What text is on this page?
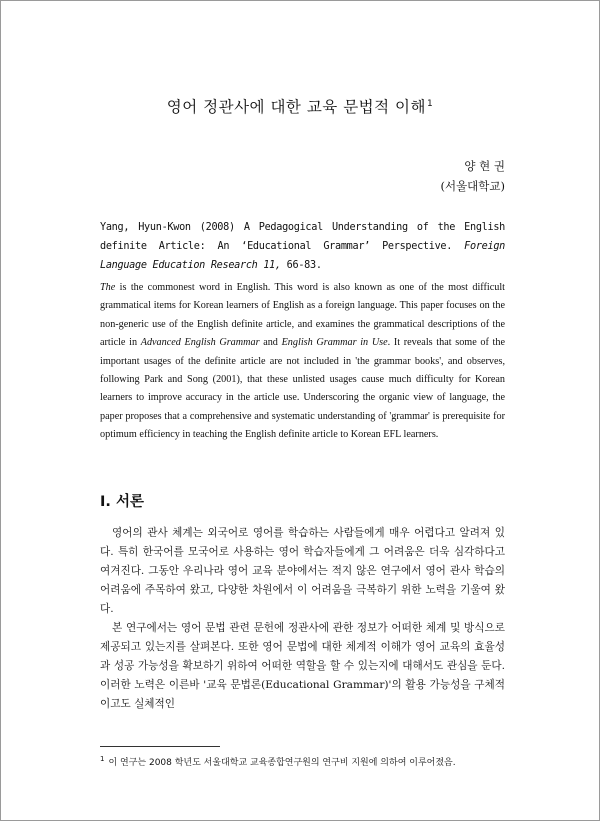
영어 정관사에 대한 교육 문법적 이해$^1$
양 현 권
(서울대학교)
Yang, Hyun-Kwon (2008) A Pedagogical Understanding of the English definite Article: An ‘Educational Grammar’ Perspective. Foreign Language Education Research 11, 66-83.
The is the commonest word in English. This word is also known as one of the most difficult grammatical items for Korean learners of English as a foreign language. This paper focuses on the non-generic use of the English definite article, and examines the grammatical descriptions of the article in Advanced English Grammar and English Grammar in Use. It reveals that some of the important usages of the definite article are not included in 'the grammar books', and observes, following Park and Song (2001), that these unlisted usages cause much difficulty for Korean learners to improve accuracy in the article use. Underscoring the organic view of language, the paper proposes that a comprehensive and systematic understanding of 'grammar' is prerequisite for optimum efficiency in teaching the English definite article to Korean EFL learners.
I. 서론

영어의 관사 체계는 외국어로 영어를 학습하는 사람들에게 매우 어렵다고 알려져 있다. 특히 한국어를 모국어로 사용하는 영어 학습자들에게 그 어려움은 더욱 심각하다고 여겨진다. 그동안 우리나라 영어 교육 분야에서는 적지 않은 연구에서 영어 관사 학습의 어려움에 주목하여 왔고, 다양한 차원에서 이 어려움을 극복하기 위한 노력을 기울여 왔다.

본 연구에서는 영어 문법 관련 문헌에 정관사에 관한 정보가 어떠한 체계 및 방식으로 제공되고 있는지를 살펴본다. 또한 영어 문법에 대한 체계적 이해가 영어 교육의 효율성과 성공 가능성을 확보하기 위하여 어떠한 역할을 할 수 있는지에 대해서도 관심을 둔다. 이러한 노력은 이른바 '교육 문법론(Educational Grammar)'의 활용 가능성을 구체적이고도 실체적인

$^1$ 이 연구는 2008 학년도 서울대학교 교육종합연구원의 연구비 지원에 의하여 이루어졌음.
